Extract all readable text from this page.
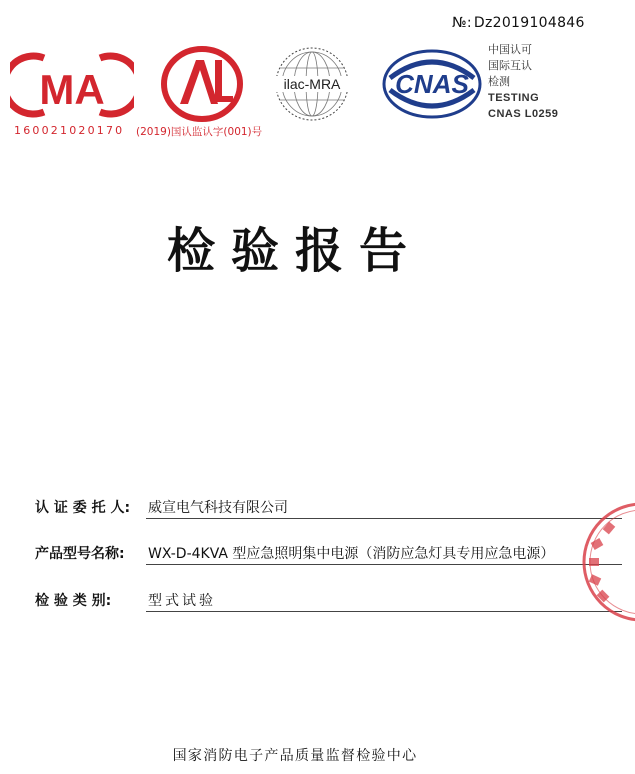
№: Dz2019104846
MA
160021020170 (2019)国认监认字(001)号
ilac-MRA CNAS
中国认可
国际互认
检测
TESTING
CNAS L0259
检验报告
认 证 委 托 人: 威宣电气科技有限公司
产品型号名称: WX-D-4KVA 型应急照明集中电源（消防应急灯具专用应急电源）
检 验 类 别:	型式试验
国家消防电子产品质量监督检验中心
